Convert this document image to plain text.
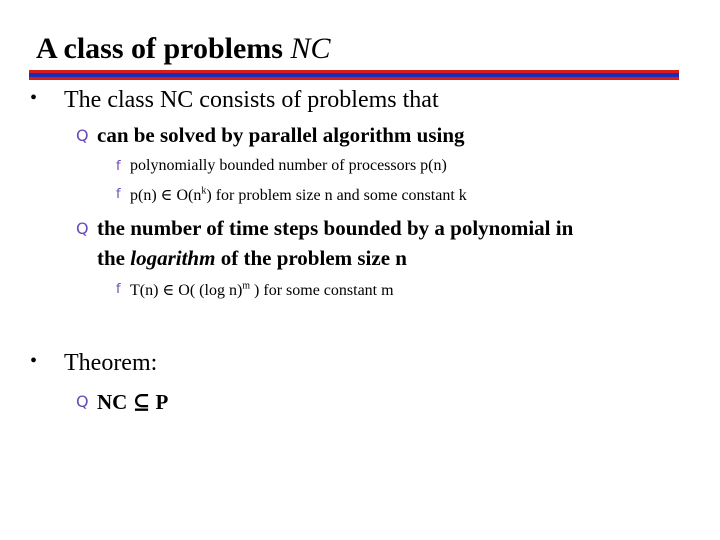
A class of problems NC
• The class NC consists of problems that
Q can be solved by parallel algorithm using
f polynomially bounded number of processors p(n)
f p(n) ∈ $O(n^k)$ for problem size n and some constant k
Q the number of time steps bounded by a polynomial in
the logarithm of the problem size n
f T(n) ∈ O( (log n)$^m$ ) for some constant m
• Theorem:
Q NC ⊆ P
